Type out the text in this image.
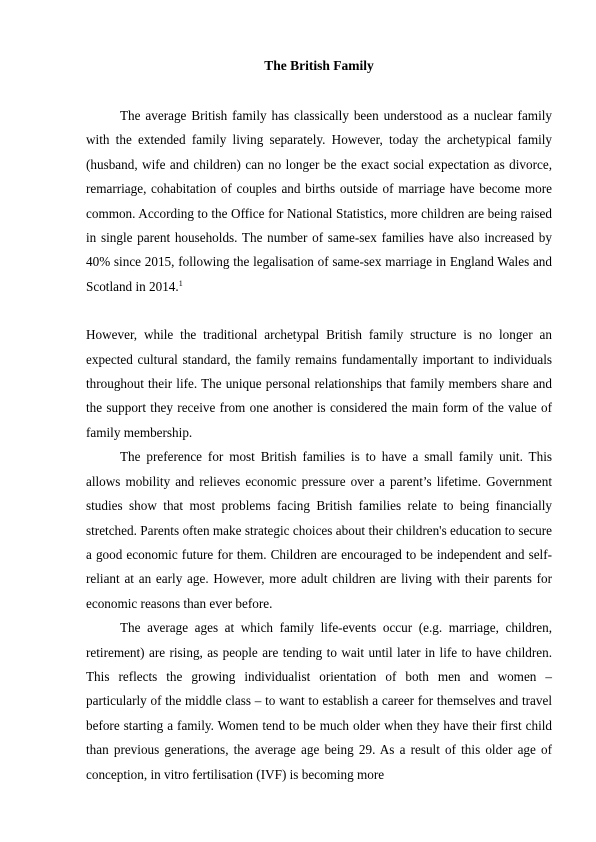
The British Family

The average British family has classically been understood as a nuclear family with the extended family living separately. However, today the archetypical family (husband, wife and children) can no longer be the exact social expectation as divorce, remarriage, cohabitation of couples and births outside of marriage have become more common. According to the Office for National Statistics, more children are being raised in single parent households. The number of same-sex families have also increased by 40% since 2015, following the legalisation of same-sex marriage in England Wales and Scotland in 2014.$^1$

However, while the traditional archetypal British family structure is no longer an expected cultural standard, the family remains fundamentally important to individuals throughout their life. The unique personal relationships that family members share and the support they receive from one another is considered the main form of the value of family membership.

The preference for most British families is to have a small family unit. This allows mobility and relieves economic pressure over a parent’s lifetime. Government studies show that most problems facing British families relate to being financially stretched. Parents often make strategic choices about their children's education to secure a good economic future for them. Children are encouraged to be independent and self-reliant at an early age. However, more adult children are living with their parents for economic reasons than ever before.

The average ages at which family life-events occur (e.g. marriage, children, retirement) are rising, as people are tending to wait until later in life to have children. This reflects the growing individualist orientation of both men and women – particularly of the middle class – to want to establish a career for themselves and travel before starting a family. Women tend to be much older when they have their first child than previous generations, the average age being 29. As a result of this older age of conception, in vitro fertilisation (IVF) is becoming more
